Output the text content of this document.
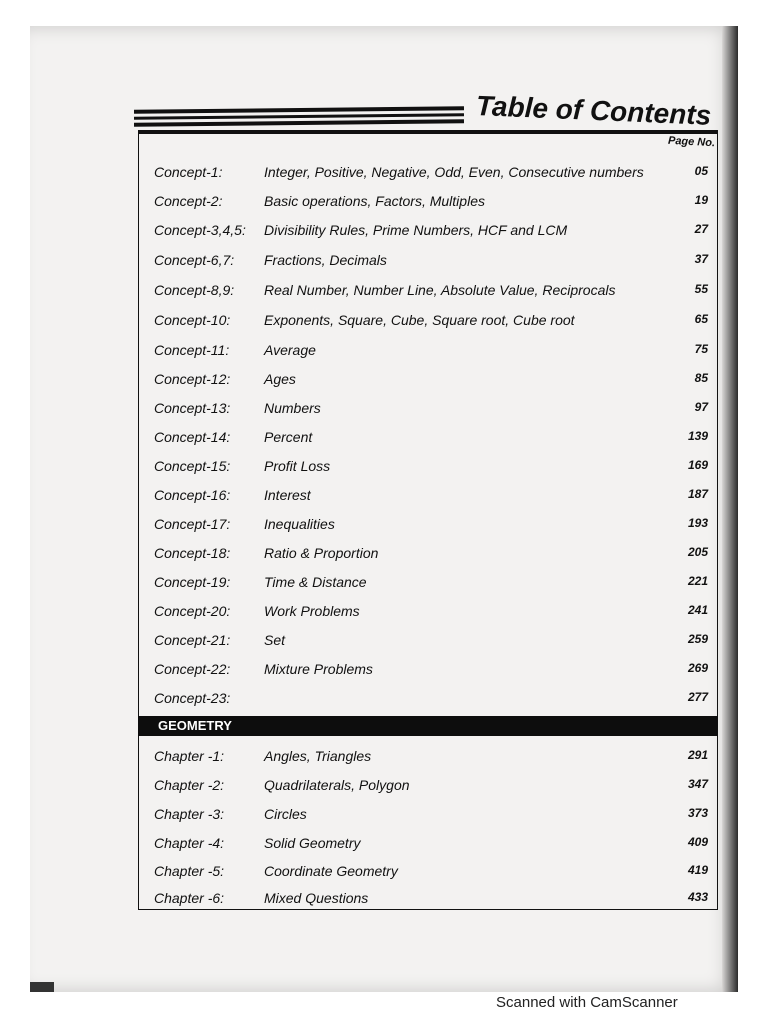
Table of Contents
Page No.
Concept-1:	Integer, Positive, Negative, Odd, Even, Consecutive numbers	05
Concept-2:	Basic operations, Factors, Multiples	19
Concept-3,4,5: Divisibility Rules, Prime Numbers, HCF and LCM	27
Concept-6,7: Fractions, Decimals	37
Concept-8,9: Real Number, Number Line, Absolute Value, Reciprocals	55
Concept-10: Exponents, Square, Cube, Square root, Cube root	65
Concept-11: Average	75
Concept-12: Ages	85
Concept-13: Numbers	97
Concept-14: Percent	139
Concept-15: Profit Loss	169
Concept-16: Interest	187
Concept-17: Inequalities	193
Concept-18: Ratio & Proportion	205
Concept-19: Time & Distance	221
Concept-20: Work Problems	241
Concept-21: Set	259
Concept-22: Mixture Problems	269
Concept-23:	277
GEOMETRY
Chapter -1:	Angles, Triangles	291
Chapter -2:	Quadrilaterals, Polygon	347
Chapter -3:	Circles	373
Chapter -4:	Solid Geometry	409
Chapter -5:	Coordinate Geometry	419
Chapter -6:	Mixed Questions	433
Scanned with CamScanner
